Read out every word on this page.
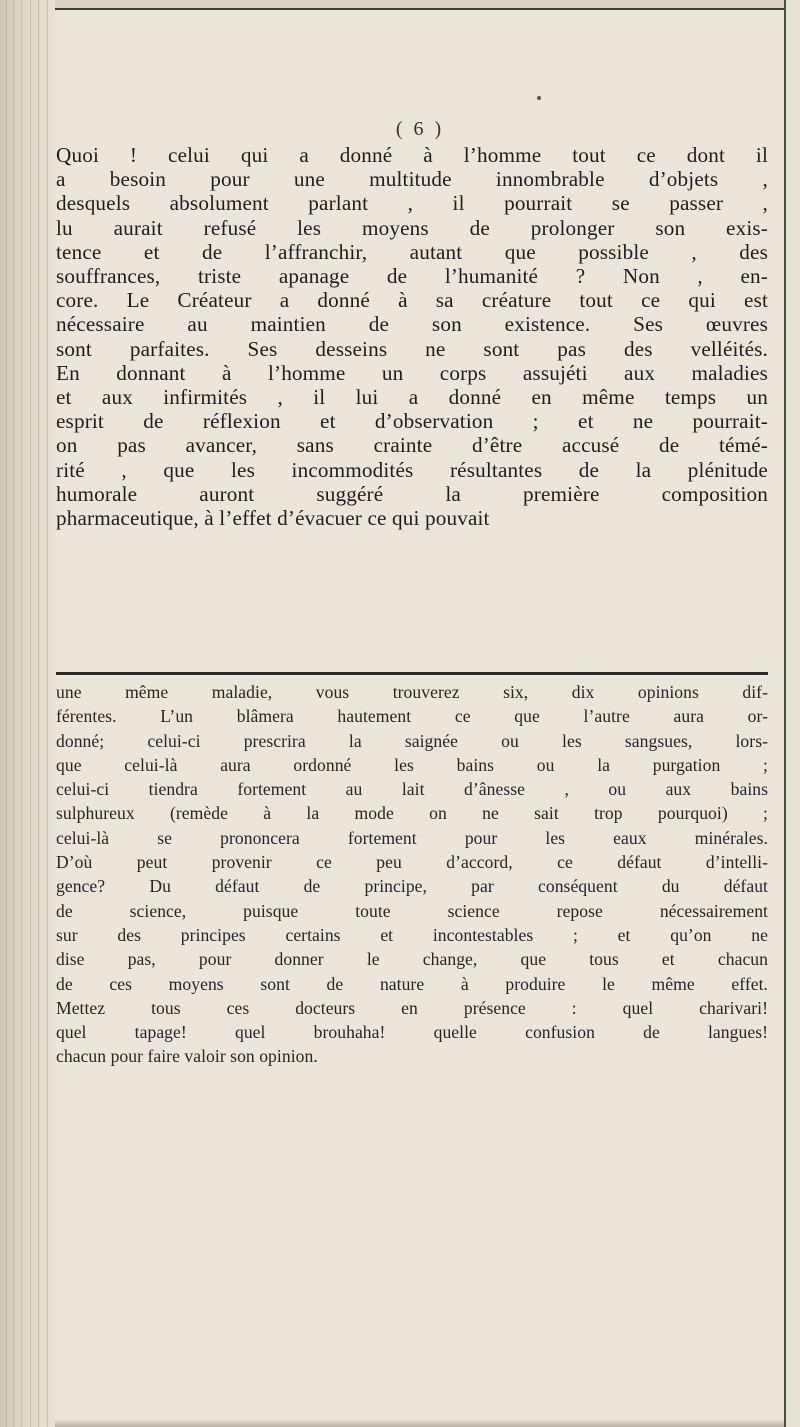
( 6 )
Quoi ! celui qui a donné à l’homme tout ce dont il
a besoin pour une multitude innombrable d’objets ,
desquels absolument parlant , il pourrait se passer ,
lu aurait refusé les moyens de prolonger son exis-
tence et de l’affranchir, autant que possible , des
souffrances, triste apanage de l’humanité ? Non , en-
core. Le Créateur a donné à sa créature tout ce qui est
nécessaire au maintien de son existence. Ses œuvres
sont parfaites. Ses desseins ne sont pas des velléités.
En donnant à l’homme un corps assujéti aux maladies
et aux infirmités , il lui a donné en même temps un
esprit de réflexion et d’observation ; et ne pourrait-
on pas avancer, sans crainte d’être accusé de témé-
rité , que les incommodités résultantes de la plénitude
humorale auront suggéré la première composition
pharmaceutique, à l’effet d’évacuer ce qui pouvait
une même maladie, vous trouverez six, dix opinions dif-
férentes. L’un blâmera hautement ce que l’autre aura or-
donné; celui-ci prescrira la saignée ou les sangsues, lors-
que celui-là aura ordonné les bains ou la purgation ;
celui-ci tiendra fortement au lait d’ânesse , ou aux bains
sulphureux (remède à la mode on ne sait trop pourquoi) ;
celui-là se prononcera fortement pour les eaux minérales.
D’où peut provenir ce peu d’accord, ce défaut d’intelli-
gence? Du défaut de principe, par conséquent du défaut
de science, puisque toute science repose nécessairement
sur des principes certains et incontestables ; et qu’on ne
dise pas, pour donner le change, que tous et chacun
de ces moyens sont de nature à produire le même effet.
Mettez tous ces docteurs en présence : quel charivari!
quel tapage! quel brouhaha! quelle confusion de langues!
chacun pour faire valoir son opinion.
